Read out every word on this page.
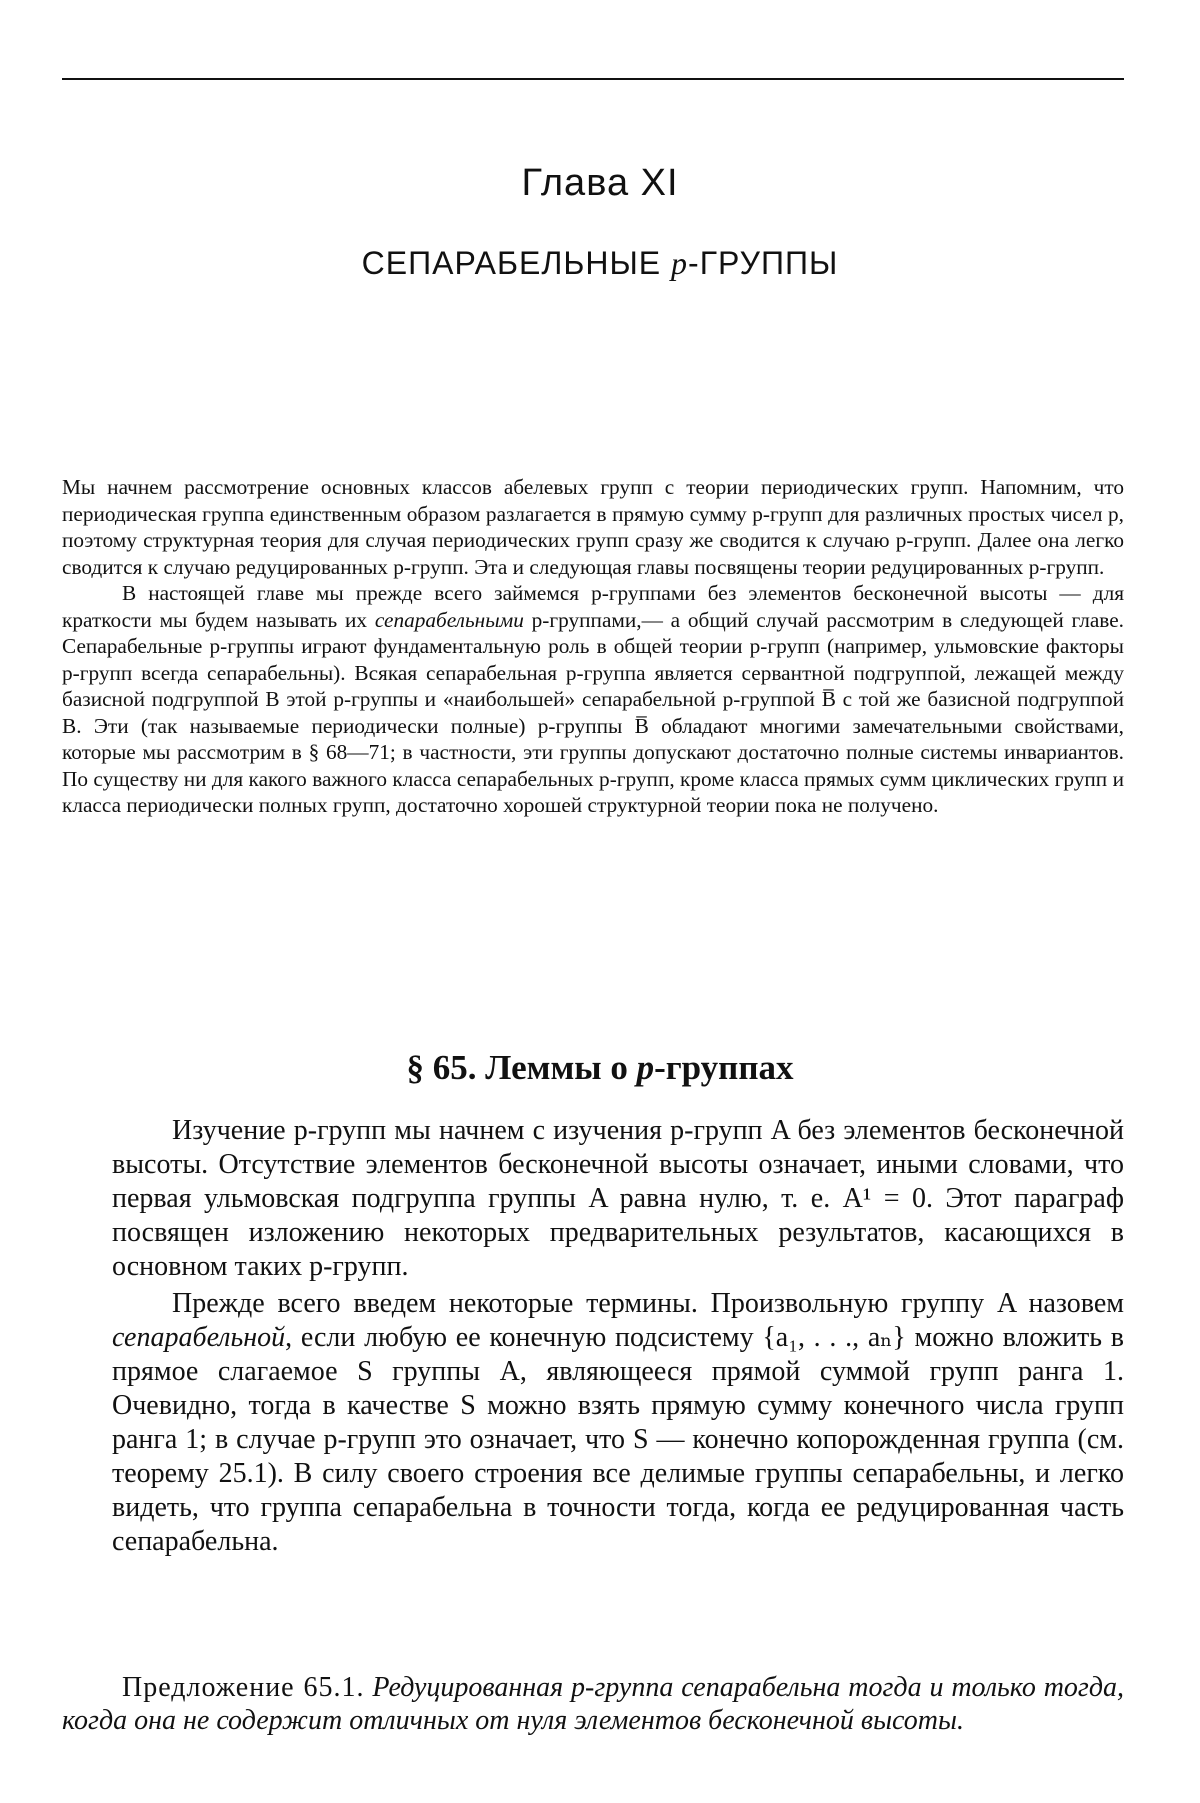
Глава XI
СЕПАРАБЕЛЬНЫЕ p-ГРУППЫ

Мы начнем рассмотрение основных классов абелевых групп с теории периодических групп. Напомним, что периодическая группа единственным образом разлагается в прямую сумму p-групп для различных простых чисел p, поэтому структурная теория для случая периодических групп сразу же сводится к случаю p-групп. Далее она легко сводится к случаю редуцированных p-групп. Эта и следующая главы посвящены теории редуцированных p-групп.

В настоящей главе мы прежде всего займемся p-группами без элементов бесконечной высоты — для краткости мы будем называть их сепарабельными p-группами,— а общий случай рассмотрим в следующей главе. Сепарабельные p-группы играют фундаментальную роль в общей теории p-групп (например, ульмовские факторы p-групп всегда сепарабельны). Всякая сепарабельная p-группа является сервантной подгруппой, лежащей между базисной подгруппой B этой p-группы и «наибольшей» сепарабельной p-группой B̅ с той же базисной подгруппой B. Эти (так называемые периодически полные) p-группы B̅ обладают многими замечательными свойствами, которые мы рассмотрим в § 68—71; в частности, эти группы допускают достаточно полные системы инвариантов. По существу ни для какого важного класса сепарабельных p-групп, кроме класса прямых сумм циклических групп и класса периодически полных групп, достаточно хорошей структурной теории пока не получено.

§ 65. Леммы о p-группах

Изучение p-групп мы начнем с изучения p-групп A без элементов бесконечной высоты. Отсутствие элементов бесконечной высоты означает, иными словами, что первая ульмовская подгруппа группы A равна нулю, т. е. A¹ = 0. Этот параграф посвящен изложению некоторых предварительных результатов, касающихся в основном таких p-групп.

Прежде всего введем некоторые термины. Произвольную группу A назовем сепарабельной, если любую ее конечную подсистему {a₁, . . ., aₙ} можно вложить в прямое слагаемое S группы A, являющееся прямой суммой групп ранга 1. Очевидно, тогда в качестве S можно взять прямую сумму конечного числа групп ранга 1; в случае p-групп это означает, что S — конечно копорожденная группа (см. теорему 25.1). В силу своего строения все делимые группы сепарабельны, и легко видеть, что группа сепарабельна в точности тогда, когда ее редуцированная часть сепарабельна.

Предложение 65.1. Редуцированная p-группа сепарабельна тогда и только тогда, когда она не содержит отличных от нуля элементов бесконечной высоты.
